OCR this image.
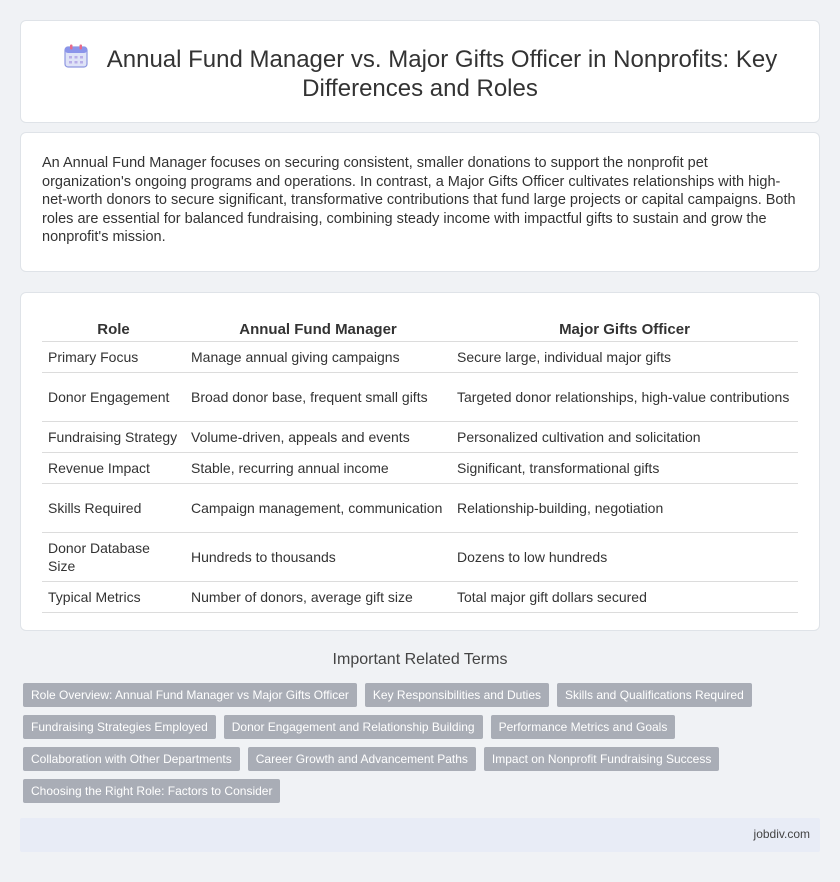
Annual Fund Manager vs. Major Gifts Officer in Nonprofits: Key Differences and Roles

An Annual Fund Manager focuses on securing consistent, smaller donations to support the nonprofit pet organization's ongoing programs and operations. In contrast, a Major Gifts Officer cultivates relationships with high-net-worth donors to secure significant, transformative contributions that fund large projects or capital campaigns. Both roles are essential for balanced fundraising, combining steady income with impactful gifts to sustain and grow the nonprofit's mission.

Role	Annual Fund Manager	Major Gifts Officer
Primary Focus	Manage annual giving campaigns	Secure large, individual major gifts
Donor Engagement	Broad donor base, frequent small gifts	Targeted donor relationships, high-value contributions
Fundraising Strategy	Volume-driven, appeals and events	Personalized cultivation and solicitation
Revenue Impact	Stable, recurring annual income	Significant, transformational gifts
Skills Required	Campaign management, communication	Relationship-building, negotiation
Donor Database Size	Hundreds to thousands	Dozens to low hundreds
Typical Metrics	Number of donors, average gift size	Total major gift dollars secured
Important Related Terms
Role Overview: Annual Fund Manager vs Major Gifts Officer	Key Responsibilities and Duties	Skills and Qualifications Required
Fundraising Strategies Employed	Donor Engagement and Relationship Building	Performance Metrics and Goals
Collaboration with Other Departments	Career Growth and Advancement Paths	Impact on Nonprofit Fundraising Success
Choosing the Right Role: Factors to Consider
jobdiv.com
